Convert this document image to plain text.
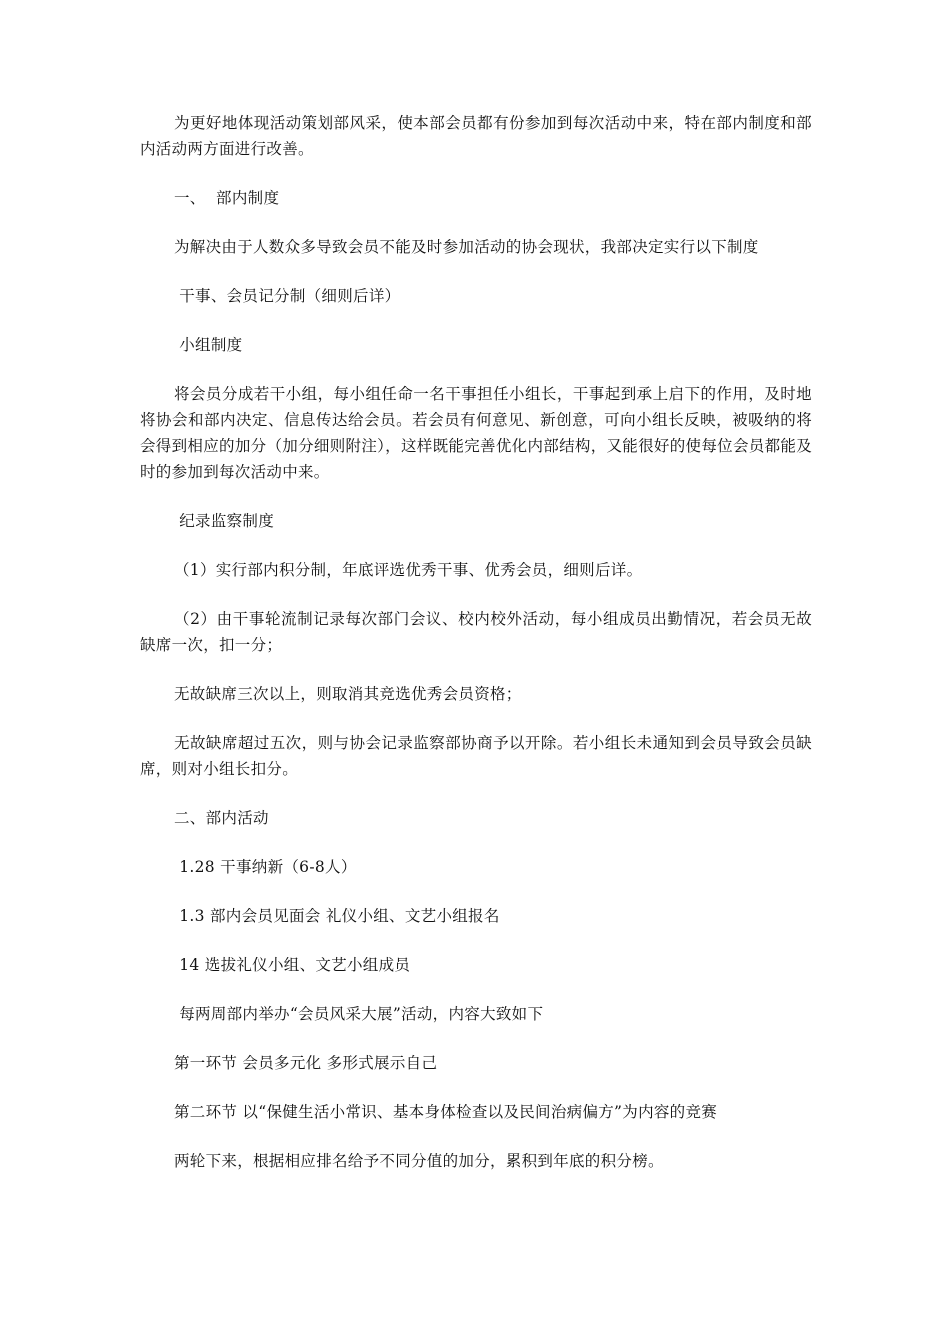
为更好地体现活动策划部风采，使本部会员都有份参加到每次活动中来，特在部内制度和部内活动两方面进行改善。

一、  部内制度

为解决由于人数众多导致会员不能及时参加活动的协会现状，我部决定实行以下制度

干事、会员记分制（细则后详）

小组制度

将会员分成若干小组，每小组任命一名干事担任小组长，干事起到承上启下的作用，及时地将协会和部内决定、信息传达给会员。若会员有何意见、新创意，可向小组长反映，被吸纳的将会得到相应的加分（加分细则附注），这样既能完善优化内部结构，又能很好的使每位会员都能及时的参加到每次活动中来。

纪录监察制度

（1）实行部内积分制，年底评选优秀干事、优秀会员，细则后详。

（2）由干事轮流制记录每次部门会议、校内校外活动，每小组成员出勤情况，若会员无故缺席一次，扣一分；

无故缺席三次以上，则取消其竞选优秀会员资格；

无故缺席超过五次，则与协会记录监察部协商予以开除。若小组长未通知到会员导致会员缺席，则对小组长扣分。

二、部内活动

1.28 干事纳新（6-8人）

1.3 部内会员见面会 礼仪小组、文艺小组报名

14 选拔礼仪小组、文艺小组成员

每两周部内举办“会员风采大展”活动，内容大致如下

第一环节 会员多元化 多形式展示自己

第二环节 以“保健生活小常识、基本身体检查以及民间治病偏方”为内容的竞赛

两轮下来，根据相应排名给予不同分值的加分，累积到年底的积分榜。
